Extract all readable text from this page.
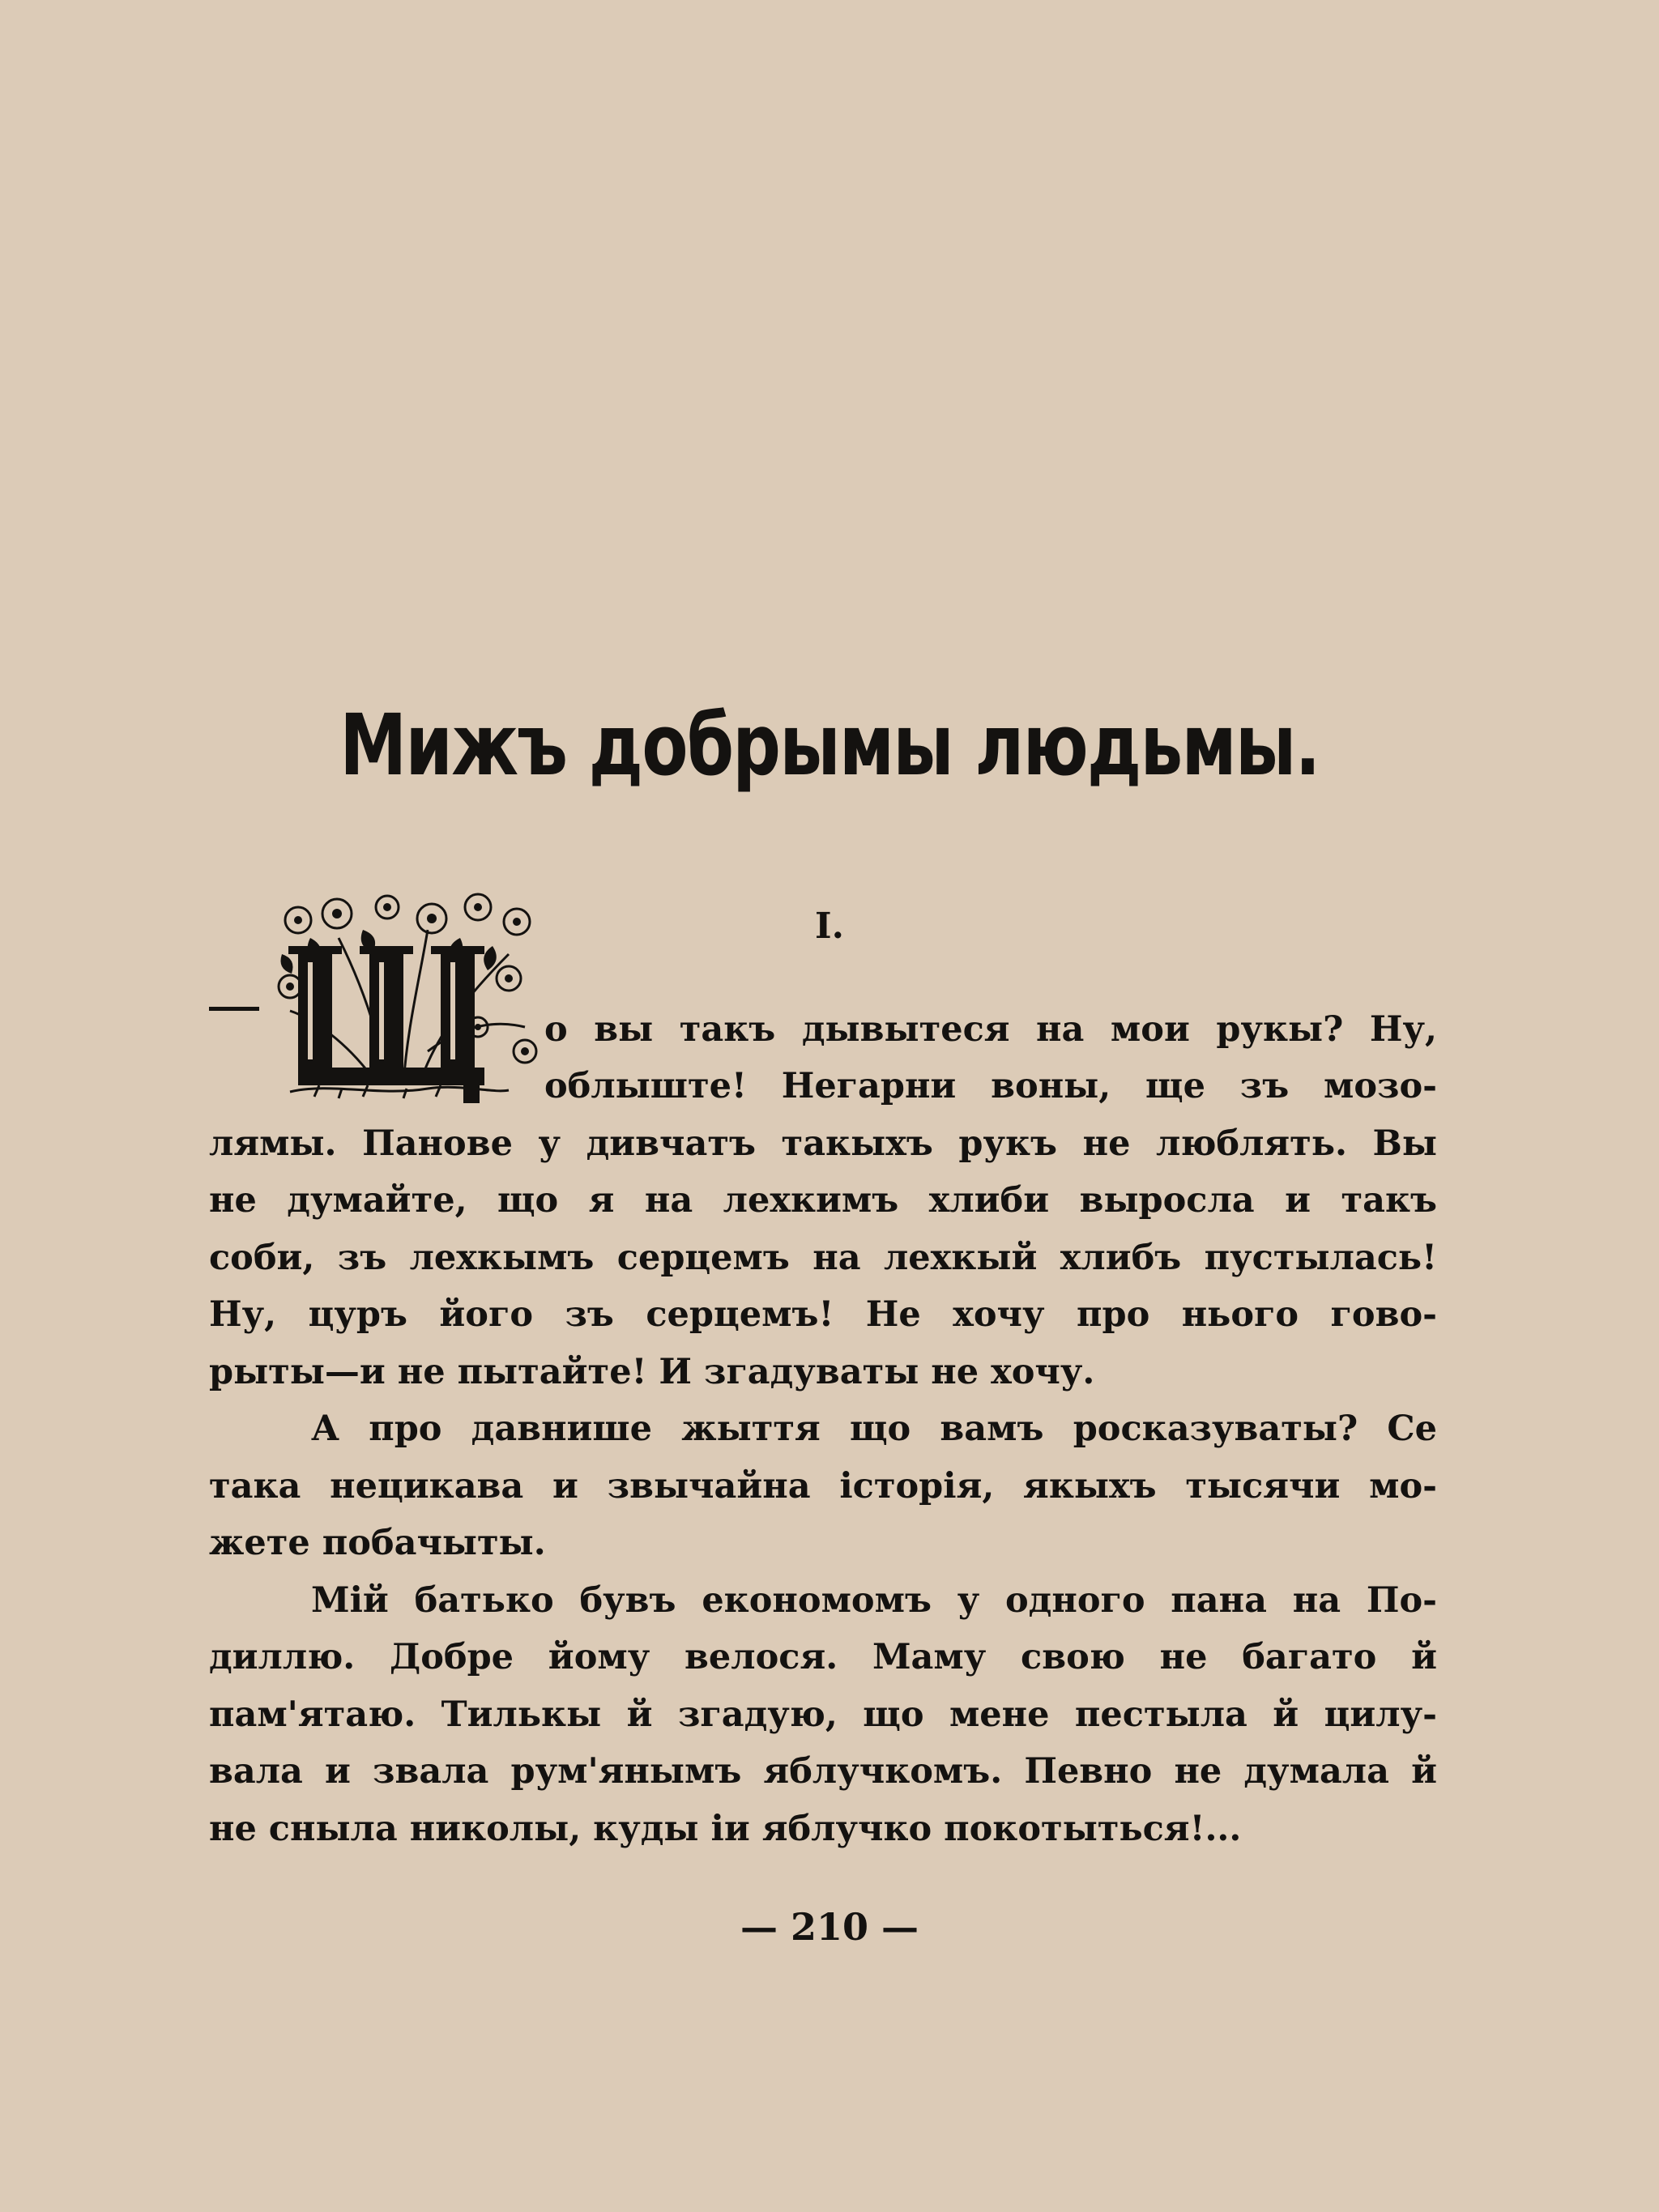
Мижъ добрымы людьмы.
I.
о вы такъ дывытеся на мои рукы? Ну,
облыште! Негарни воны, ще зъ мозо-
лямы. Панове у дивчатъ такыхъ рукъ не люблять. Вы
не думайте, що я на лехкимъ хлиби выросла и такъ
соби, зъ лехкымъ серцемъ на лехкый хлибъ пустылась!
Ну, цуръ його зъ серцемъ! Не хочу про нього гово-
рыты—и не пытайте! И згадуваты не хочу.
А про давнише жыття що вамъ росказуваты? Се
така нецикава и звычайна історія, якыхъ тысячи мо-
жете побачыты.
Мій батько бувъ економомъ у одного пана на По-
диллю. Добре йому велося. Маму свою не багато й
пам'ятаю. Тилькы й згадую, що мене пестыла й цилу-
вала и звала рум'янымъ яблучкомъ. Певно не думала й
не снылa николы, куды іи яблучко покотыться!...
— 210 —
